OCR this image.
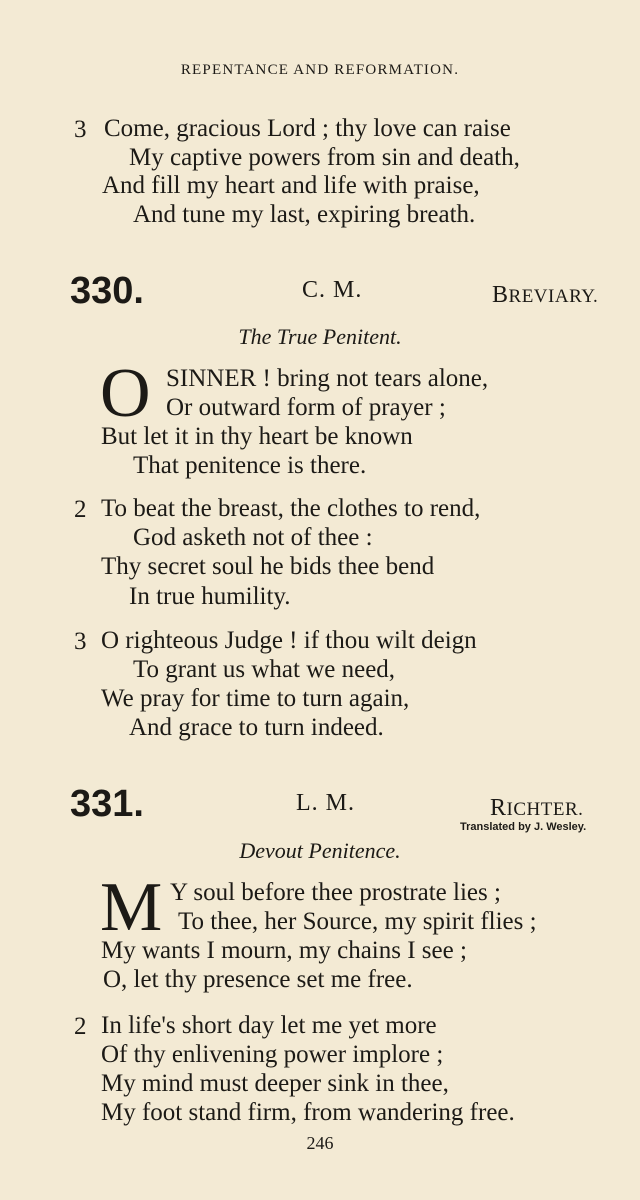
REPENTANCE AND REFORMATION.
3 Come, gracious Lord ; thy love can raise
My captive powers from sin and death,
And fill my heart and life with praise,
And tune my last, expiring breath.
330.	C. M.	BREVIARY.
The True Penitent.
O SINNER ! bring not tears alone,
Or outward form of prayer ;
But let it in thy heart be known
That penitence is there.
2 To beat the breast, the clothes to rend,
God asketh not of thee :
Thy secret soul he bids thee bend
In true humility.
3 O righteous Judge ! if thou wilt deign
To grant us what we need,
We pray for time to turn again,
And grace to turn indeed.
331.	L. M.	RICHTER.
Translated by J. Wesley.
Devout Penitence.
M Y soul before thee prostrate lies ;
To thee, her Source, my spirit flies ;
My wants I mourn, my chains I see ;
O, let thy presence set me free.
2 In life's short day let me yet more
Of thy enlivening power implore ;
My mind must deeper sink in thee,
My foot stand firm, from wandering free.
246
